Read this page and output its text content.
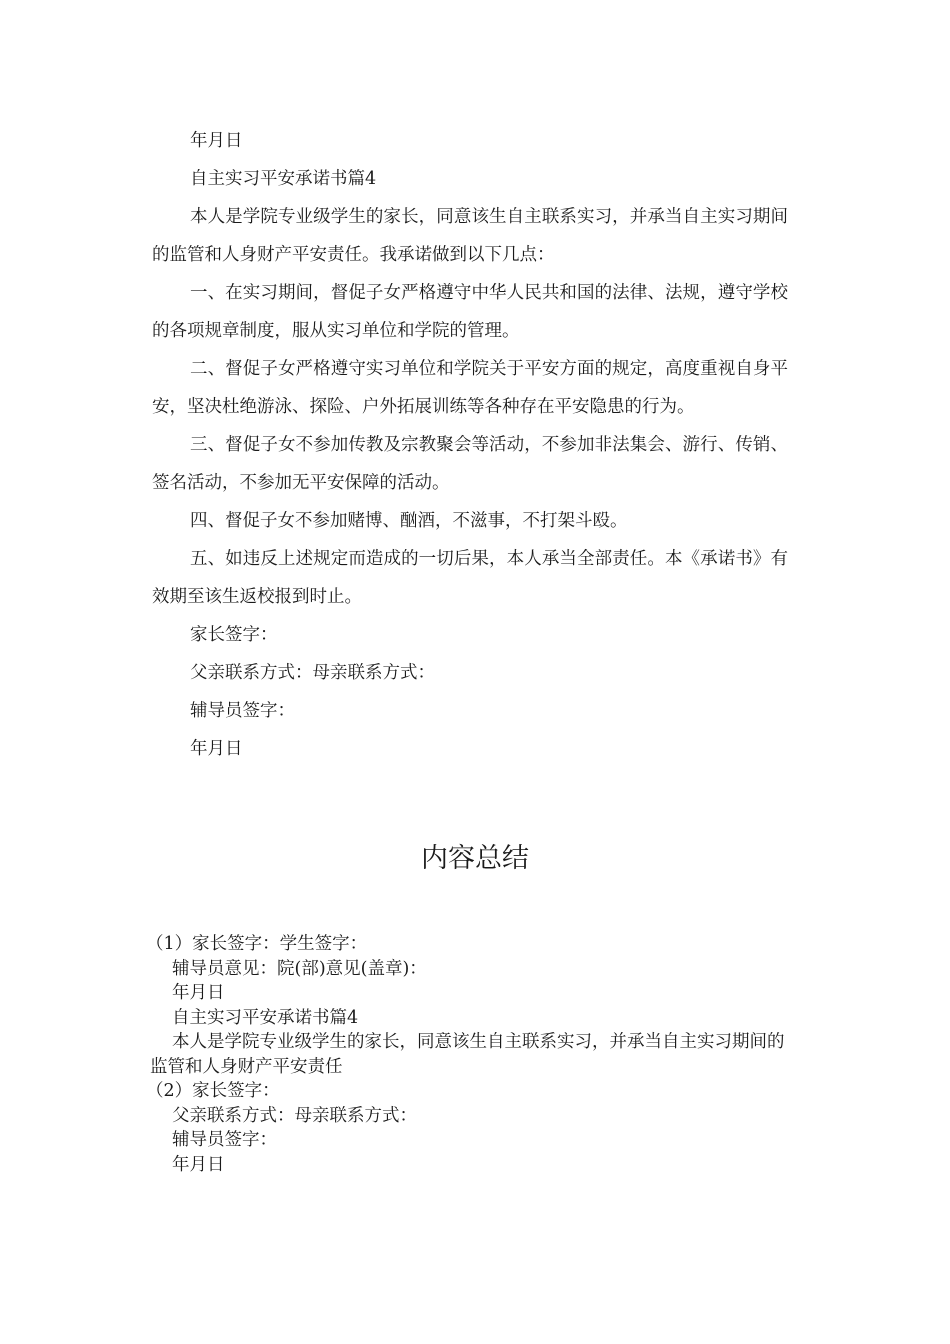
年月日

自主实习平安承诺书篇4

本人是学院专业级学生的家长，同意该生自主联系实习，并承当自主实习期间的监管和人身财产平安责任。我承诺做到以下几点：

一、在实习期间，督促子女严格遵守中华人民共和国的法律、法规，遵守学校的各项规章制度，服从实习单位和学院的管理。

二、督促子女严格遵守实习单位和学院关于平安方面的规定，高度重视自身平安，坚决杜绝游泳、探险、户外拓展训练等各种存在平安隐患的行为。

三、督促子女不参加传教及宗教聚会等活动，不参加非法集会、游行、传销、签名活动，不参加无平安保障的活动。

四、督促子女不参加赌博、酗酒，不滋事，不打架斗殴。

五、如违反上述规定而造成的一切后果，本人承当全部责任。本《承诺书》有效期至该生返校报到时止。

家长签字：

父亲联系方式：母亲联系方式：

辅导员签字：

年月日

内容总结

（1）家长签字：学生签字：

辅导员意见：院(部)意见(盖章)：

年月日

自主实习平安承诺书篇4

本人是学院专业级学生的家长，同意该生自主联系实习，并承当自主实习期间的监管和人身财产平安责任

（2）家长签字：

父亲联系方式：母亲联系方式：

辅导员签字：

年月日
